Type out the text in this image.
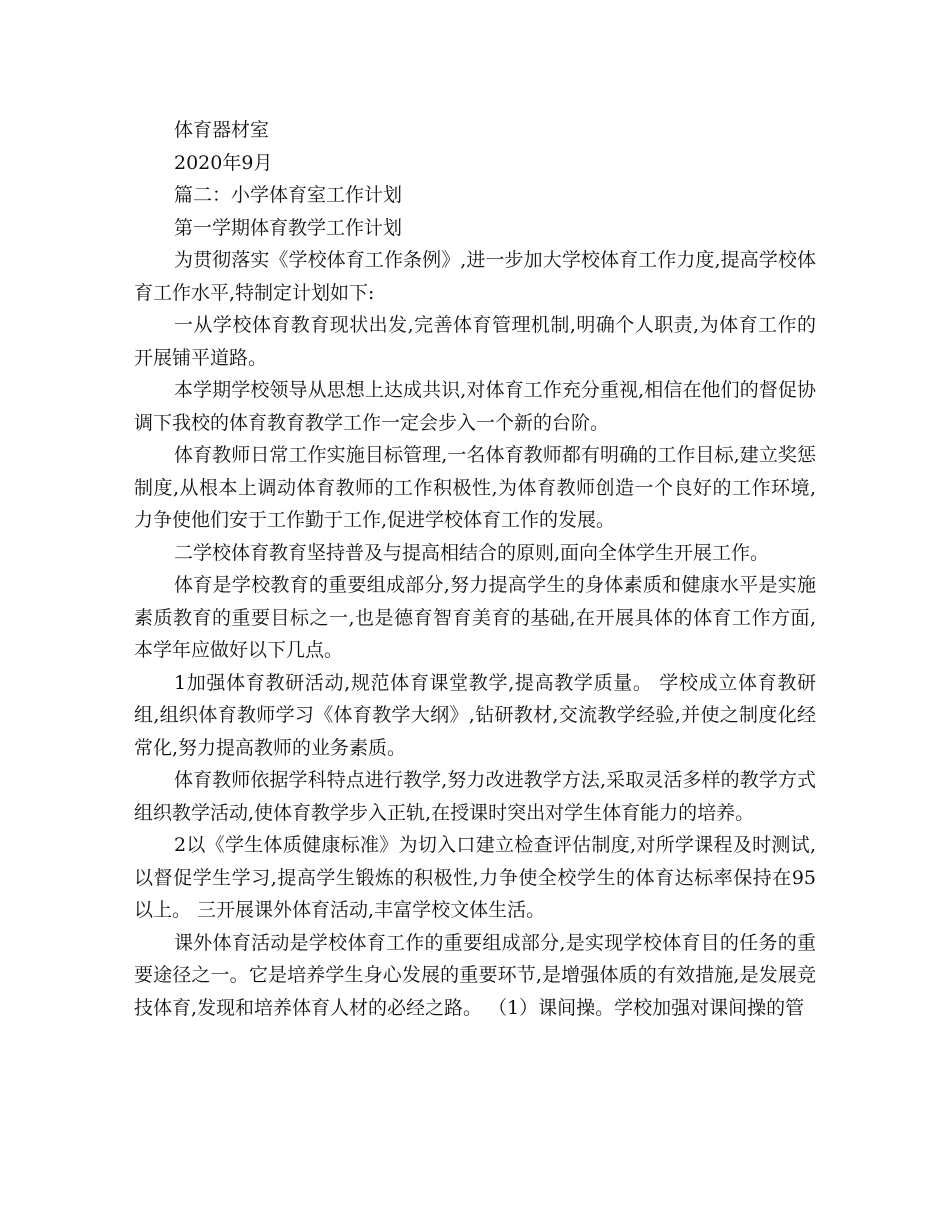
体育器材室

2020年9月

篇二：小学体育室工作计划

第一学期体育教学工作计划

为贯彻落实《学校体育工作条例》,进一步加大学校体育工作力度,提高学校体育工作水平,特制定计划如下:

一从学校体育教育现状出发,完善体育管理机制,明确个人职责,为体育工作的开展铺平道路。

本学期学校领导从思想上达成共识,对体育工作充分重视,相信在他们的督促协调下我校的体育教育教学工作一定会步入一个新的台阶。

体育教师日常工作实施目标管理,一名体育教师都有明确的工作目标,建立奖惩制度,从根本上调动体育教师的工作积极性,为体育教师创造一个良好的工作环境,力争使他们安于工作勤于工作,促进学校体育工作的发展。

二学校体育教育坚持普及与提高相结合的原则,面向全体学生开展工作。

体育是学校教育的重要组成部分,努力提高学生的身体素质和健康水平是实施素质教育的重要目标之一,也是德育智育美育的基础,在开展具体的体育工作方面,本学年应做好以下几点。

1加强体育教研活动,规范体育课堂教学,提高教学质量。 学校成立体育教研组,组织体育教师学习《体育教学大纲》,钻研教材,交流教学经验,并使之制度化经常化,努力提高教师的业务素质。

体育教师依据学科特点进行教学,努力改进教学方法,采取灵活多样的教学方式组织教学活动,使体育教学步入正轨,在授课时突出对学生体育能力的培养。

2以《学生体质健康标准》为切入口建立检查评估制度,对所学课程及时测试,以督促学生学习,提高学生锻炼的积极性,力争使全校学生的体育达标率保持在95以上。 三开展课外体育活动,丰富学校文体生活。

课外体育活动是学校体育工作的重要组成部分,是实现学校体育目的任务的重要途径之一。它是培养学生身心发展的重要环节,是增强体质的有效措施,是发展竞技体育,发现和培养体育人材的必经之路。 （1）课间操。学校加强对课间操的管
